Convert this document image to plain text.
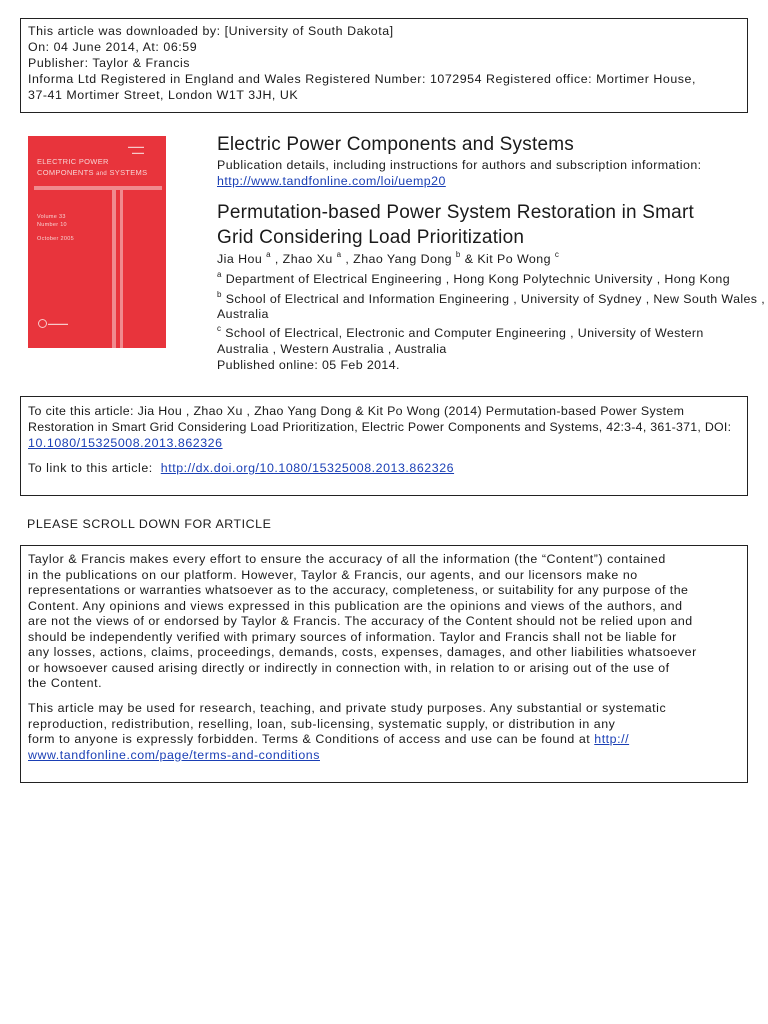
This article was downloaded by: [University of South Dakota]
On: 04 June 2014, At: 06:59
Publisher: Taylor & Francis
Informa Ltd Registered in England and Wales Registered Number: 1072954 Registered office: Mortimer House,
37-41 Mortimer Street, London W1T 3JH, UK
▬▬▬▬
▬▬▬
ELECTRIC POWER
COMPONENTS and SYSTEMS
Volume 33
Number 10
October 2005
▬▬▬▬▬
Electric Power Components and Systems
Publication details, including instructions for authors and subscription information:
http://www.tandfonline.com/loi/uemp20
Permutation-based Power System Restoration in Smart
Grid Considering Load Prioritization
Jia Hou $^a$ , Zhao Xu $^a$ , Zhao Yang Dong $^b$ & Kit Po Wong $^c$
$^a$ Department of Electrical Engineering , Hong Kong Polytechnic University , Hong Kong
$^b$ School of Electrical and Information Engineering , University of Sydney , New South Wales ,
Australia
$^c$ School of Electrical, Electronic and Computer Engineering , University of Western
Australia , Western Australia , Australia
Published online: 05 Feb 2014.
To cite this article: Jia Hou , Zhao Xu , Zhao Yang Dong & Kit Po Wong (2014) Permutation-based Power System
Restoration in Smart Grid Considering Load Prioritization, Electric Power Components and Systems, 42:3-4, 361-371, DOI:
10.1080/15325008.2013.862326
To link to this article: http://dx.doi.org/10.1080/15325008.2013.862326
PLEASE SCROLL DOWN FOR ARTICLE
Taylor & Francis makes every effort to ensure the accuracy of all the information (the “Content”) contained
in the publications on our platform. However, Taylor & Francis, our agents, and our licensors make no
representations or warranties whatsoever as to the accuracy, completeness, or suitability for any purpose of the
Content. Any opinions and views expressed in this publication are the opinions and views of the authors, and
are not the views of or endorsed by Taylor & Francis. The accuracy of the Content should not be relied upon and
should be independently verified with primary sources of information. Taylor and Francis shall not be liable for
any losses, actions, claims, proceedings, demands, costs, expenses, damages, and other liabilities whatsoever
or howsoever caused arising directly or indirectly in connection with, in relation to or arising out of the use of
the Content.
This article may be used for research, teaching, and private study purposes. Any substantial or systematic
reproduction, redistribution, reselling, loan, sub-licensing, systematic supply, or distribution in any
form to anyone is expressly forbidden. Terms & Conditions of access and use can be found at http://
www.tandfonline.com/page/terms-and-conditions
